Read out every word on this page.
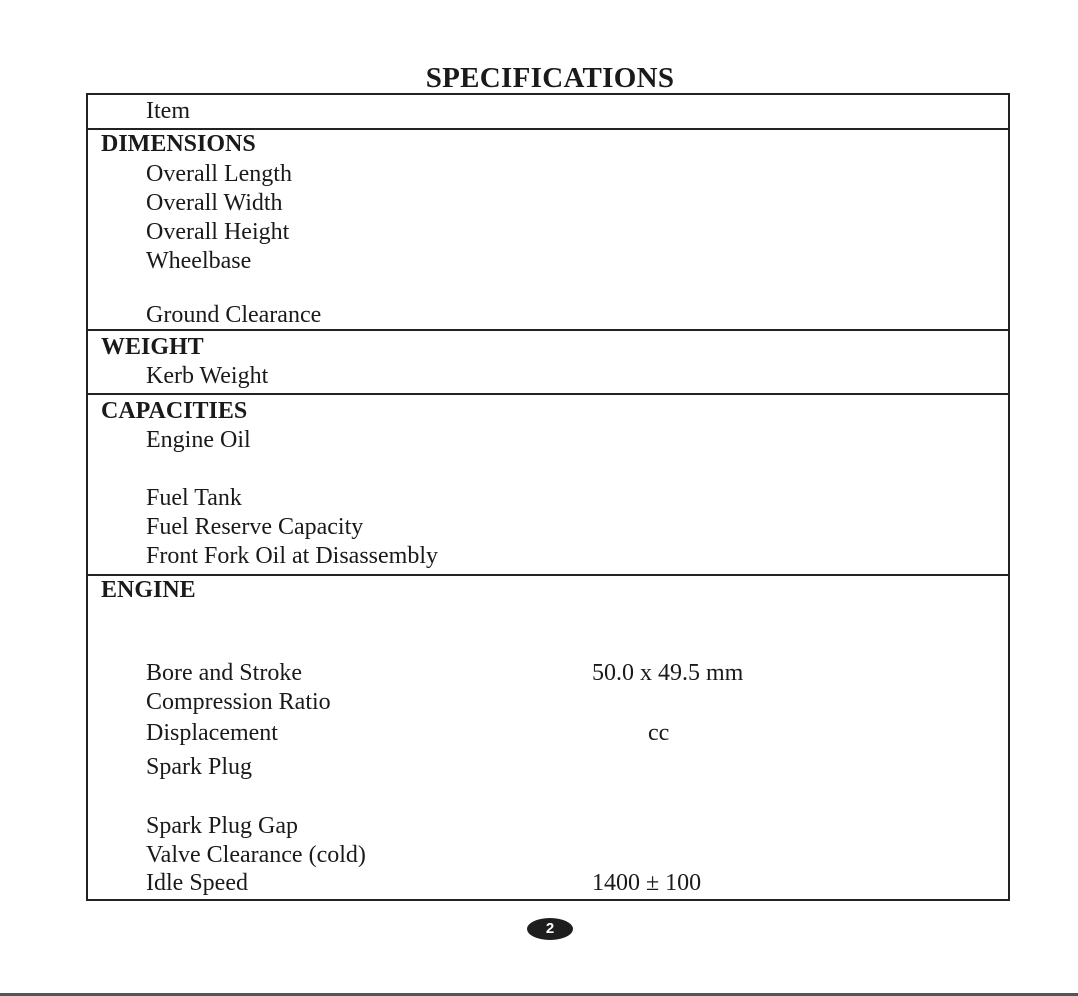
SPECIFICATIONS
Item
DIMENSIONS
Overall Length
Overall Width
Overall Height
Wheelbase
Ground Clearance
WEIGHT
Kerb Weight
CAPACITIES
Engine Oil
Fuel Tank
Fuel Reserve Capacity
Front Fork Oil at Disassembly
ENGINE
Bore and Stroke	50.0 x 49.5 mm
Compression Ratio
Displacement	cc
Spark Plug
Spark Plug Gap
Valve Clearance (cold)
Idle Speed	1400 ± 100
2
